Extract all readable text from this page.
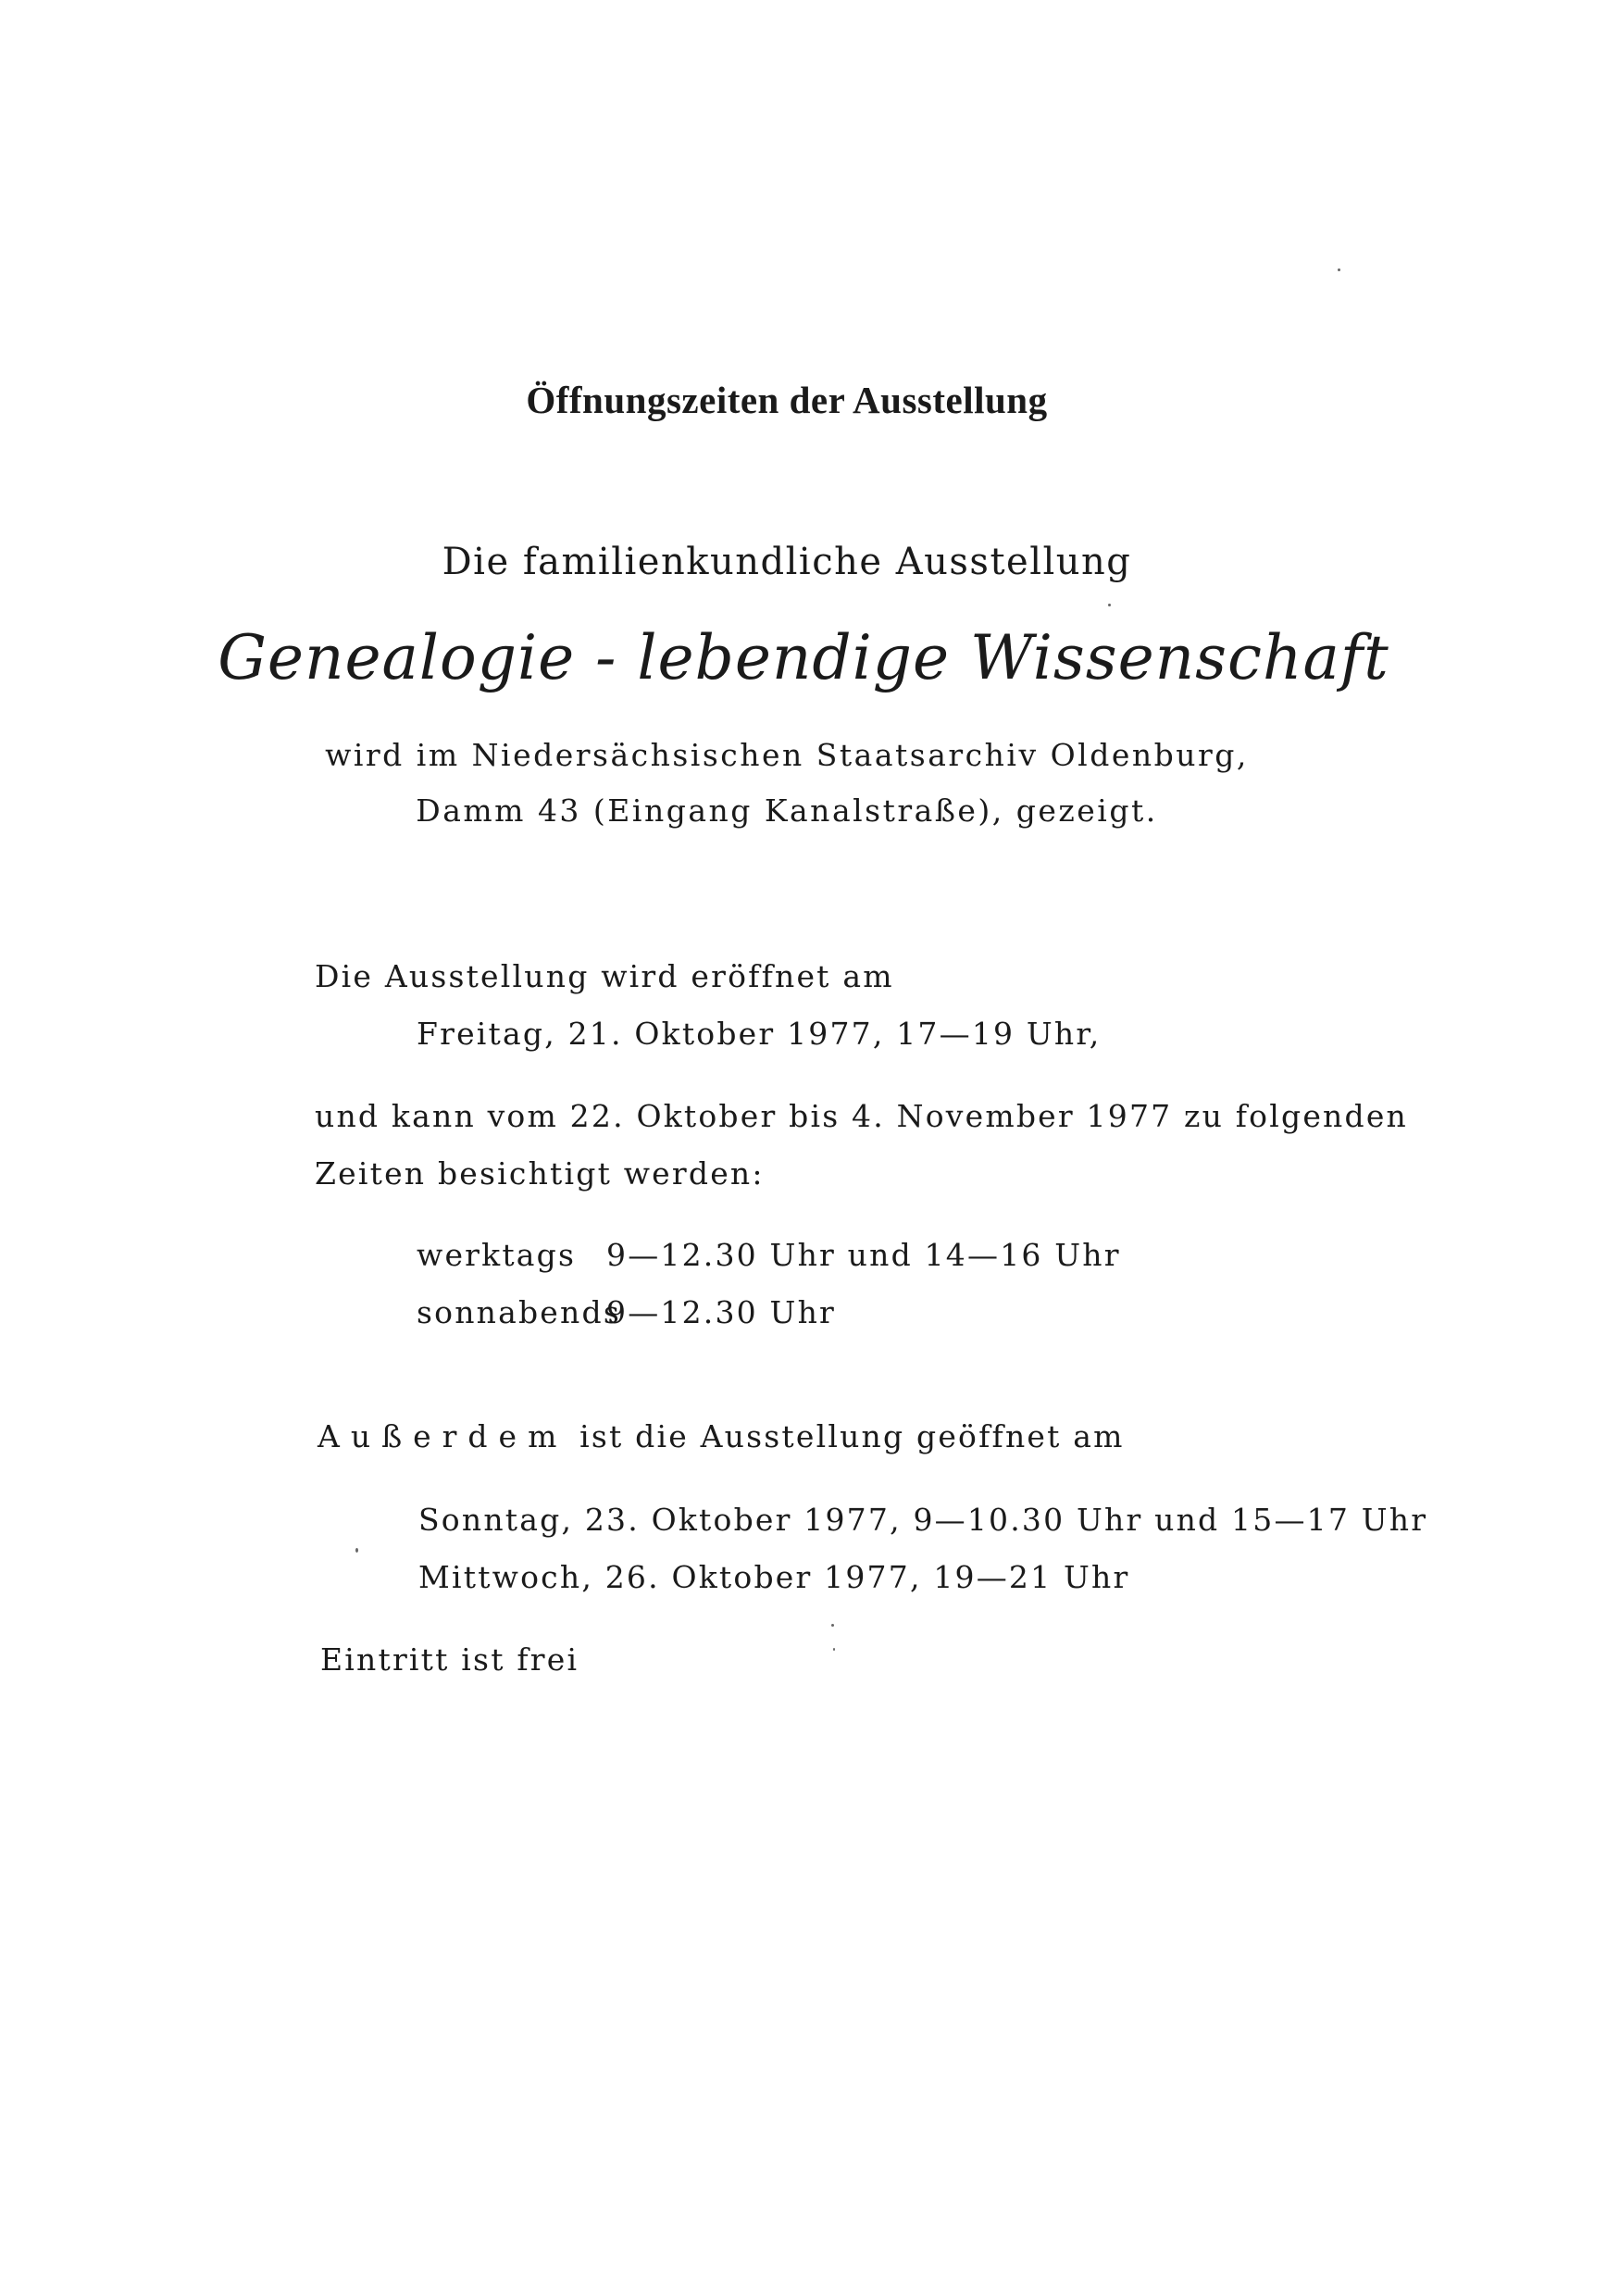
Öffnungszeiten der Ausstellung
Die familienkundliche Ausstellung
Genealogie - lebendige Wissenschaft
wird im Niedersächsischen Staatsarchiv Oldenburg,
Damm 43 (Eingang Kanalstraße), gezeigt.
Die Ausstellung wird eröffnet am
Freitag, 21. Oktober 1977, 17—19 Uhr,
und kann vom 22. Oktober bis 4. November 1977 zu folgenden
Zeiten besichtigt werden:
werktags 9—12.30 Uhr und 14—16 Uhr
sonnabends
9—12.30 Uhr
Außerdem ist die Ausstellung geöffnet am
Sonntag, 23. Oktober 1977, 9—10.30 Uhr und 15—17 Uhr
Mittwoch, 26. Oktober 1977, 19—21 Uhr
Eintritt ist frei
